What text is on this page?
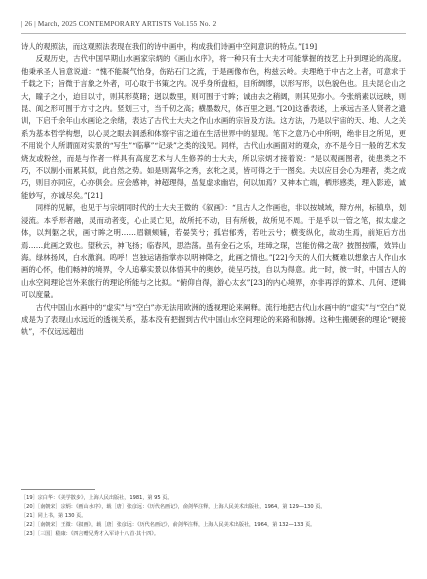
| 26 | March, 2025 CONTEMPORARY ARTISTS Vol.155 No. 2

诗人的观照法，而这观照法表现在我们的诗中画中，构成我们诗画中空间意识的特点。”[19]

反观历史，古代中国早期山水画家宗炳的《画山水序》，将一种只有士大夫才可能掌握的技艺上升到理论的高度。他秉承圣人旨意说道：“愧不能凝气怡身，伤跕石门之流，于是画像布色，构兹云岭。夫理绝于中古之上者，可意求于千载之下；旨微于言象之外者，可心取于书策之内。况乎身所盘桓，目所绸缪，以形写形，以色貌色也。且夫昆仑山之大，瞳子之小，迫目以寸，则其形莫睹；迥以数里，则可围于寸眸；诚由去之稍阔，则其见弥小。今张绡素以远映，则昆、阆之形可围于方寸之内。竖划三寸，当千仞之高；横墨数尺，体百里之迥。”[20]这番表述，上承远古圣人贤者之遗训，下启千余年山水画论之余绪，表达了古代士大夫之作山水画的宗旨及方法。这方法，乃是以宇宙的天、地、人之关系为基本哲学构想，以心灵之眼去洞悉和体察宇宙之道在生活世界中的显现。笔下之意乃心中所明，绝非目之所见，更不用说个人所谓面对实景的“写生”“临摹”“记录”之类的浅见。同样，古代山水画面对的观众，亦不是今日一般的艺术发烧友或粉丝，而是与作者一样具有高度艺术与人生修养的士大夫，所以宗炳才接着说：“是以观画图者，徒患类之不巧，不以制小而累其似，此自然之势。如是则嵩华之秀，玄牝之灵，皆可得之于一图矣。夫以应目会心为理者，类之成巧，则目亦同应，心亦俱会。应会感神，神超理得，虽复虚求幽岩，何以加焉？又神本亡端，栖形感类，理入影迹，诚能妙写，亦诚尽矣。”[21]

同样的见解，也见于与宗炳同时代的士大夫王微的《叙画》：“且古人之作画也，非以按城域，辩方州，标镇阜，划浸流。本乎形者融，灵而动者变，心止灵亡见，故所托不动，目有所极，故所见不周。于是乎以一管之笔，拟太虚之体，以判躯之状，画寸眸之明……眉额颊辅，若晏笑兮；孤岩郁秀，若吐云兮；横变纵化，故动生焉，前矩后方出焉……此画之致也。望秋云，神飞扬；临春风，思浩荡。虽有金石之乐，珪璋之琛，岂能仿佛之哉？披图按牒，效异山海。绿林扬风，白水激涧。呜呼！岂独运诸指掌亦以明神降之，此画之情也。”[22]今天的人们大概难以想象古人作山水画的心怀，他们畅神的境界，令人追摹实景以体悟其中的奥妙，徒呈巧技，自以为得意。此一时，彼一时，中国古人的山水空间理论岂外来旅行的理论所能与之比拟。“俯仰自得，游心太玄”[23]的内心境界，亦非再浮的算术、几何、逻辑可以度量。

古代中国山水画中的“虚实”与“空白”亦无法用欧洲的透视理论来阐释。流行地把古代山水画中的“虚实”与“空白”说成是为了表现山水远近的透视关系，基本没有把握到古代中国山水空间理论的来路和脉搏。这种生搬硬套的理论“硬接轨”，不仅远远超出

［19］宗白华：《美学散步》，上海人民出版社，1981，第 95 页。
［20］［南朝宋］宗炳：《画山水序》，载［唐］张彦远：《历代名画记》，俞剑华注释，上海人民美术出版社，1964，第 129—130 页。
［21］同上书，第 130 页。
［22］［南朝宋］王微：《叙画》，载［唐］张彦远：《历代名画记》，俞剑华注释，上海人民美术出版社，1964，第 132—133 页。
［23］［三国］嵇康：《四言赠兄秀才入军诗十八首·其十四》。
